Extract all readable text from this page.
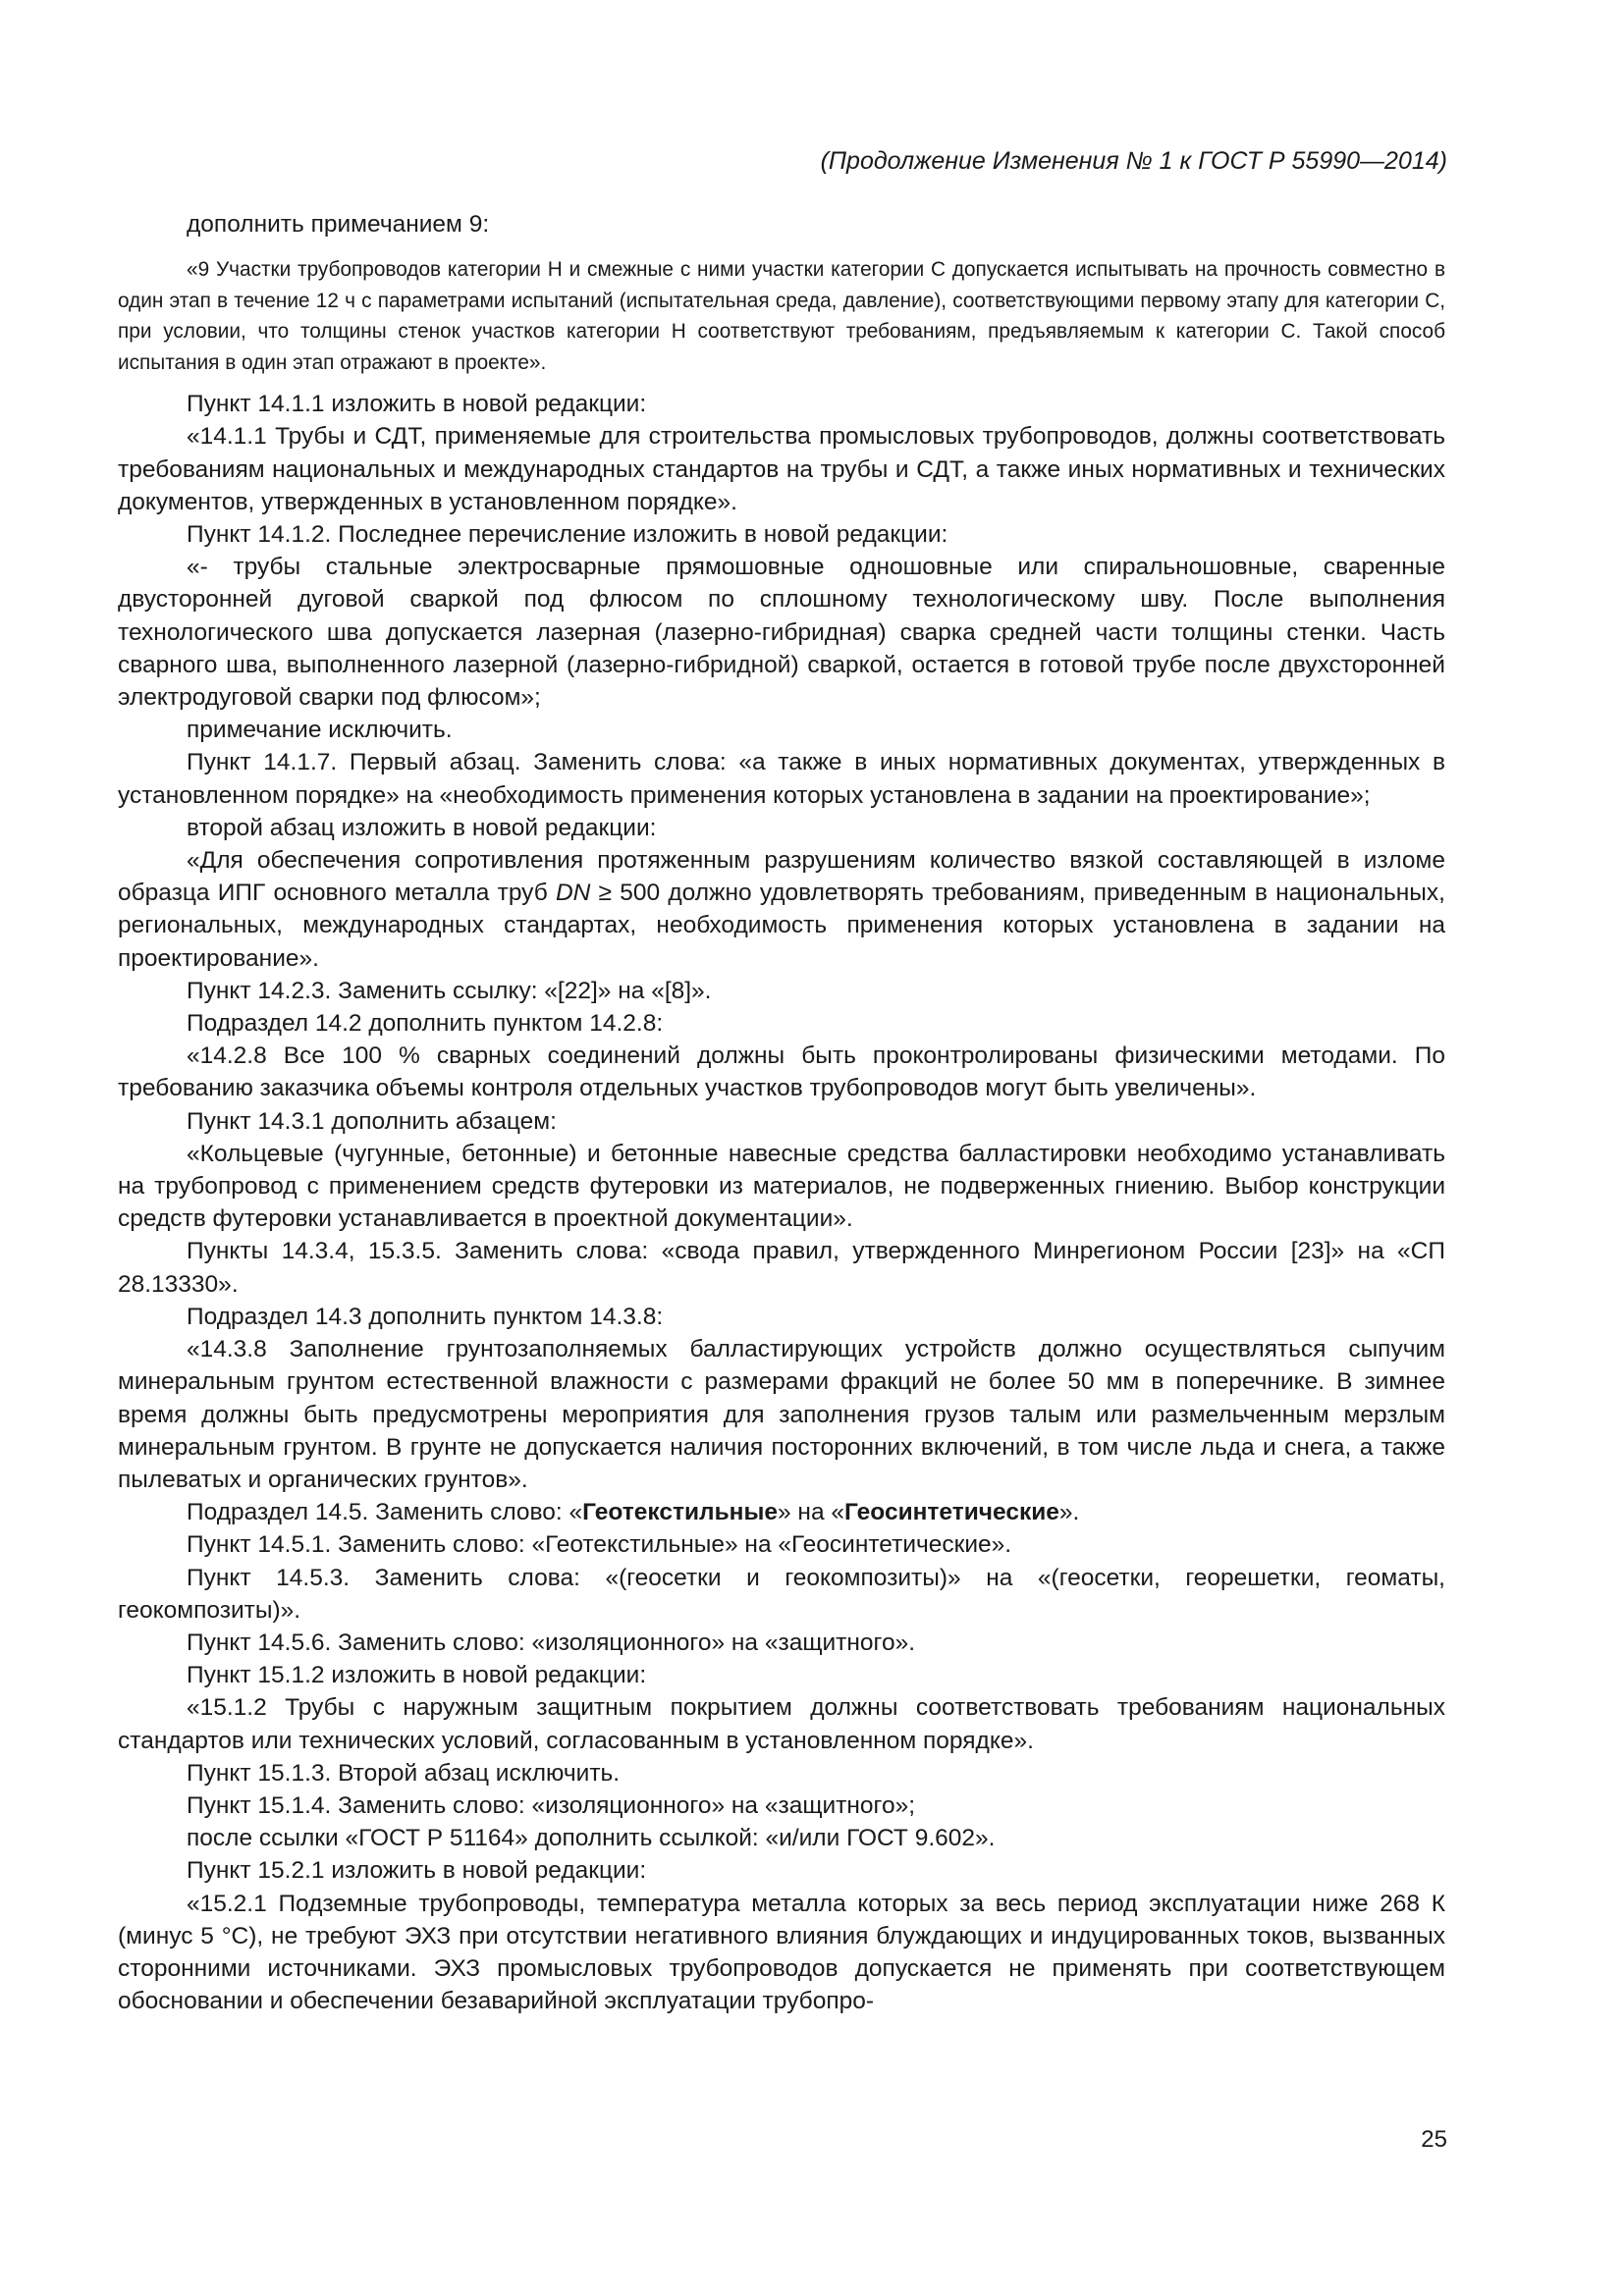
(Продолжение Изменения № 1 к ГОСТ Р 55990—2014)

дополнить примечанием 9:

«9 Участки трубопроводов категории Н и смежные с ними участки категории С допускается испытывать на прочность совместно в один этап в течение 12 ч с параметрами испытаний (испытательная среда, давление), соответствующими первому этапу для категории С, при условии, что толщины стенок участков категории Н соответствуют требованиям, предъявляемым к категории С. Такой способ испытания в один этап отражают в проекте».

Пункт 14.1.1 изложить в новой редакции:

«14.1.1 Трубы и СДТ, применяемые для строительства промысловых трубопроводов, должны соответствовать требованиям национальных и международных стандартов на трубы и СДТ, а также иных нормативных и технических документов, утвержденных в установленном порядке».

Пункт 14.1.2. Последнее перечисление изложить в новой редакции:

«- трубы стальные электросварные прямошовные одношовные или спиральношовные, сваренные двусторонней дуговой сваркой под флюсом по сплошному технологическому шву. После выполнения технологического шва допускается лазерная (лазерно-гибридная) сварка средней части толщины стенки. Часть сварного шва, выполненного лазерной (лазерно-гибридной) сваркой, остается в готовой трубе после двухсторонней электродуговой сварки под флюсом»;

примечание исключить.

Пункт 14.1.7. Первый абзац. Заменить слова: «а также в иных нормативных документах, утвержденных в установленном порядке» на «необходимость применения которых установлена в задании на проектирование»;

второй абзац изложить в новой редакции:

«Для обеспечения сопротивления протяженным разрушениям количество вязкой составляющей в изломе образца ИПГ основного металла труб DN ≥ 500 должно удовлетворять требованиям, приведенным в национальных, региональных, международных стандартах, необходимость применения которых установлена в задании на проектирование».

Пункт 14.2.3. Заменить ссылку: «[22]» на «[8]».

Подраздел 14.2 дополнить пунктом 14.2.8:

«14.2.8 Все 100 % сварных соединений должны быть проконтролированы физическими методами. По требованию заказчика объемы контроля отдельных участков трубопроводов могут быть увеличены».

Пункт 14.3.1 дополнить абзацем:

«Кольцевые (чугунные, бетонные) и бетонные навесные средства балластировки необходимо устанавливать на трубопровод с применением средств футеровки из материалов, не подверженных гниению. Выбор конструкции средств футеровки устанавливается в проектной документации».

Пункты 14.3.4, 15.3.5. Заменить слова: «свода правил, утвержденного Минрегионом России [23]» на «СП 28.13330».

Подраздел 14.3 дополнить пунктом 14.3.8:

«14.3.8 Заполнение грунтозаполняемых балластирующих устройств должно осуществляться сыпучим минеральным грунтом естественной влажности с размерами фракций не более 50 мм в поперечнике. В зимнее время должны быть предусмотрены мероприятия для заполнения грузов талым или размельченным мерзлым минеральным грунтом. В грунте не допускается наличия посторонних включений, в том числе льда и снега, а также пылеватых и органических грунтов».

Подраздел 14.5. Заменить слово: «Геотекстильные» на «Геосинтетические».

Пункт 14.5.1. Заменить слово: «Геотекстильные» на «Геосинтетические».

Пункт 14.5.3. Заменить слова: «(геосетки и геокомпозиты)» на «(геосетки, георешетки, геоматы, геокомпозиты)».

Пункт 14.5.6. Заменить слово: «изоляционного» на «защитного».

Пункт 15.1.2 изложить в новой редакции:

«15.1.2 Трубы с наружным защитным покрытием должны соответствовать требованиям национальных стандартов или технических условий, согласованным в установленном порядке».

Пункт 15.1.3. Второй абзац исключить.

Пункт 15.1.4. Заменить слово: «изоляционного» на «защитного»;

после ссылки «ГОСТ Р 51164» дополнить ссылкой: «и/или ГОСТ 9.602».

Пункт 15.2.1 изложить в новой редакции:

«15.2.1 Подземные трубопроводы, температура металла которых за весь период эксплуатации ниже 268 К (минус 5 °С), не требуют ЭХЗ при отсутствии негативного влияния блуждающих и индуцированных токов, вызванных сторонними источниками. ЭХЗ промысловых трубопроводов допускается не применять при соответствующем обосновании и обеспечении безаварийной эксплуатации трубопро-

25
